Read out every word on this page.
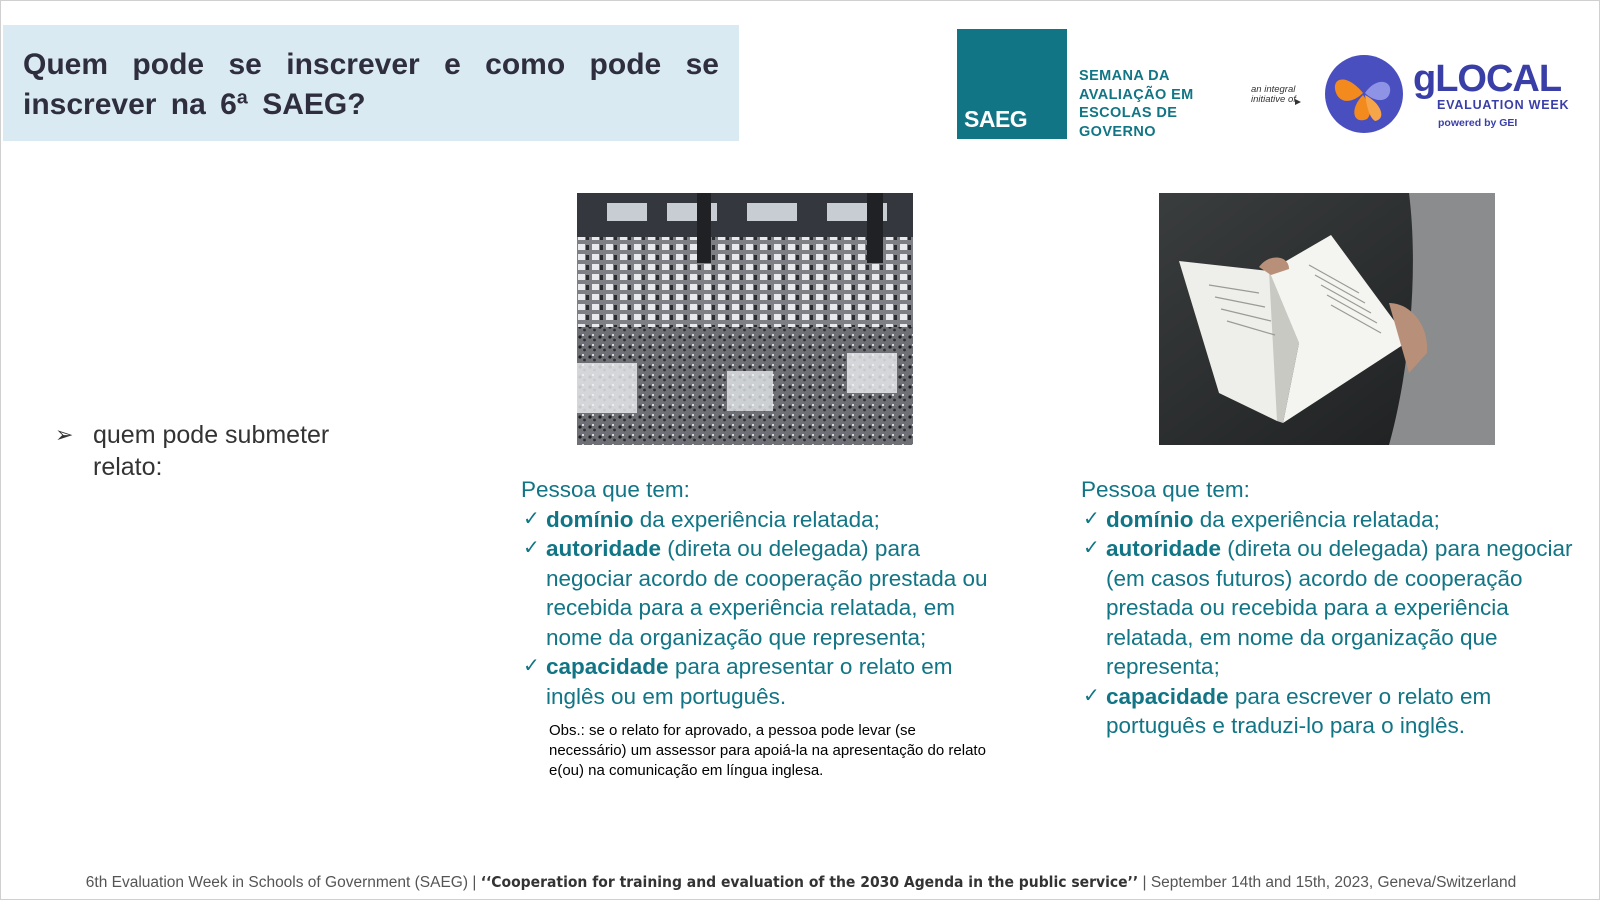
Quem pode se inscrever e como pode se inscrever na 6ª SAEG?	SAEG
SEMANA DA
AVALIAÇÃO EM
ESCOLAS DE
GOVERNO
an integral
initiative of	gLOCAL
EVALUATION WEEK
powered by GEI
➢ quem pode submeter relato:
Pessoa que tem:
✓ domínio da experiência relatada;
✓ autoridade (direta ou delegada) para negociar acordo de cooperação prestada ou recebida para a experiência relatada, em nome da organização que representa;
✓ capacidade para apresentar o relato em inglês ou em português.
Obs.: se o relato for aprovado, a pessoa pode levar (se necessário) um assessor para apoiá-la na apresentação do relato e(ou) na comunicação em língua inglesa.
Pessoa que tem:
✓ domínio da experiência relatada;
✓ autoridade (direta ou delegada) para negociar (em casos futuros) acordo de cooperação prestada ou recebida para a experiência relatada, em nome da organização que representa;
✓ capacidade para escrever o relato em português e traduzi-lo para o inglês.
6th Evaluation Week in Schools of Government (SAEG) | ‘‘Cooperation for training and evaluation of the 2030 Agenda in the public service’’ | September 14th and 15th, 2023, Geneva/Switzerland
